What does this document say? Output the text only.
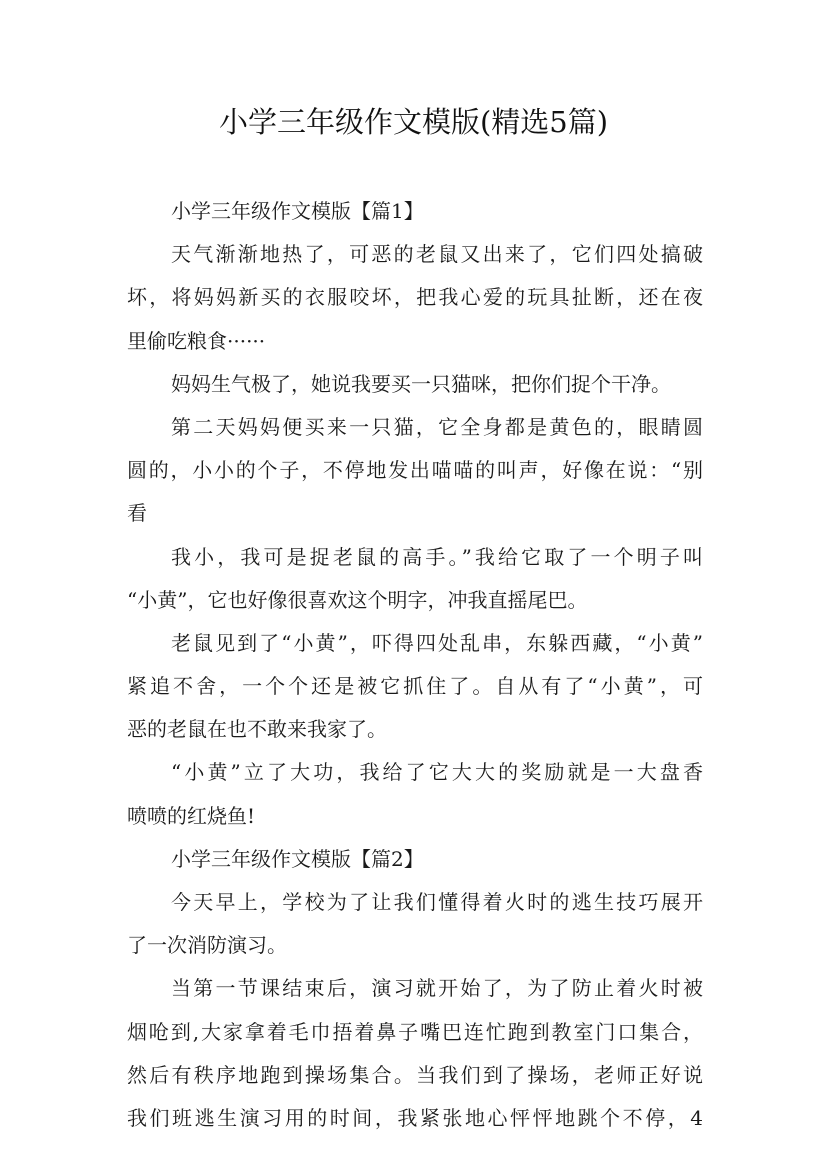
小学三年级作文模版(精选5篇)
小学三年级作文模版【篇1】
天气渐渐地热了，可恶的老鼠又出来了，它们四处搞破
坏，将妈妈新买的衣服咬坏，把我心爱的玩具扯断，还在夜
里偷吃粮食······
妈妈生气极了，她说我要买一只猫咪，把你们捉个干净。
第二天妈妈便买来一只猫，它全身都是黄色的，眼睛圆
圆的，小小的个子，不停地发出喵喵的叫声，好像在说：“别
看
我小，我可是捉老鼠的高手。”我给它取了一个明子叫
“小黄”，它也好像很喜欢这个明字，冲我直摇尾巴。
老鼠见到了“小黄”，吓得四处乱串，东躲西藏，“小黄”
紧追不舍，一个个还是被它抓住了。自从有了“小黄”，可
恶的老鼠在也不敢来我家了。
“小黄”立了大功，我给了它大大的奖励就是一大盘香
喷喷的红烧鱼!
小学三年级作文模版【篇2】
今天早上，学校为了让我们懂得着火时的逃生技巧展开
了一次消防演习。
当第一节课结束后，演习就开始了，为了防止着火时被
烟呛到,大家拿着毛巾捂着鼻子嘴巴连忙跑到教室门口集合，
然后有秩序地跑到操场集合。当我们到了操场，老师正好说
我们班逃生演习用的时间，我紧张地心怦怦地跳个不停，4
